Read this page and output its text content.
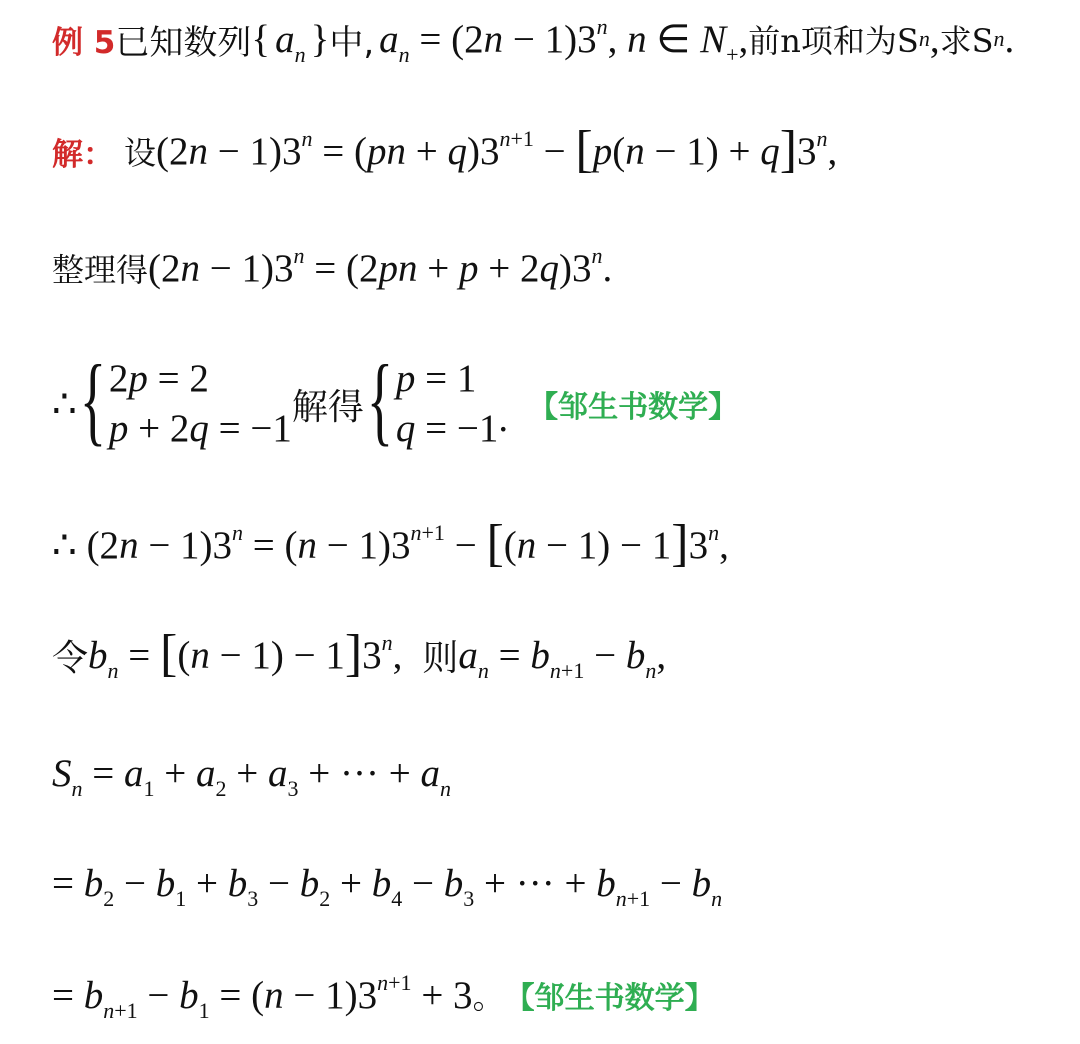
例 5 已知数列 { $a_n$ } 中, $a_n = (2n - 1)3^n$, n ∈ $N_+$, 前n项和为S n , 求S n .
解： 设 $(2n - 1)3^n = (pn + q)3^{n+1} - [p(n - 1) + q]3^n$,
整理得 $(2n - 1)3^n = (2pn + p + 2q)3^n$.
∴ { 2p = 2
p + 2q = −1 解得 { p = 1
q = −1 . 【邹生书数学】
∴ $(2n - 1)3^n = (n - 1)3^{n+1} - [(n - 1) - 1]3^n$,
令 $b_n = [(n - 1) - 1]3^n$, 则 $a_n = b_{n+1} - b_n$,
$S_n = a_1 + a_2 + a_3$ + ··· + $a_n$
= $b_2 - b_1 + b_3 - b_2 + b_4 - b_3$ + ··· + $b_{n+1} - b_n$
= $b_{n+1} - b_1 = (n - 1)3^{n+1} + 3$ 。 【邹生书数学】
